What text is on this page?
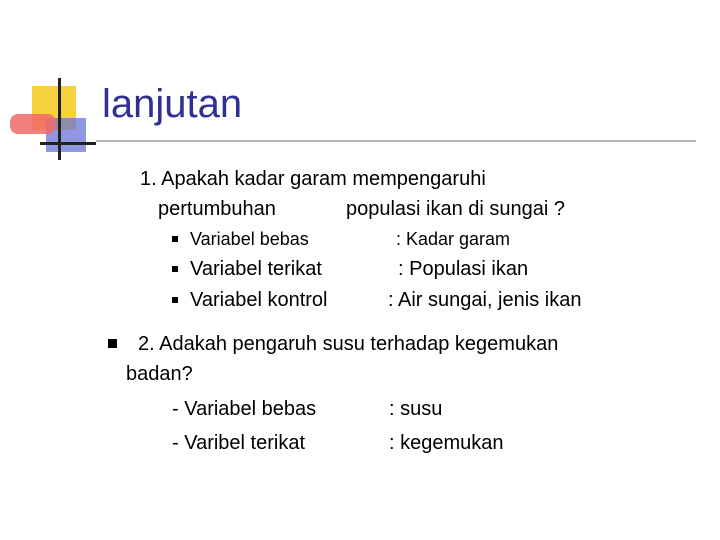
lanjutan
1. Apakah kadar garam mempengaruhi
pertumbuhan	populasi ikan di sungai ?
Variabel bebas	: Kadar garam
Variabel terikat	: Populasi ikan
Variabel kontrol	: Air sungai, jenis ikan
2. Adakah pengaruh susu terhadap kegemukan
badan?
- Variabel bebas	: susu
- Varibel terikat	: kegemukan
